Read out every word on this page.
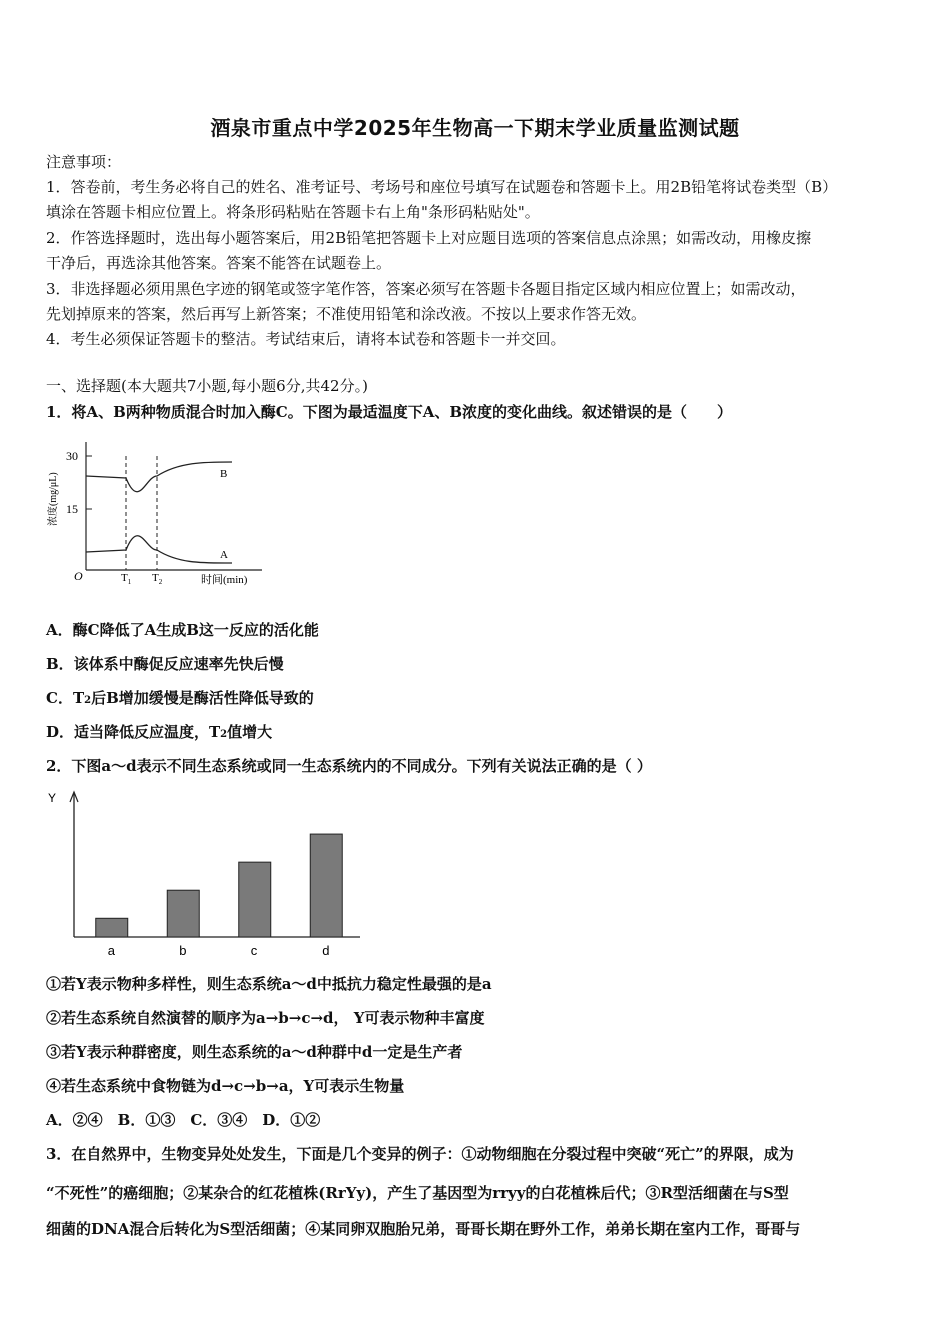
酒泉市重点中学2025年生物高一下期末学业质量监测试题
注意事项：
1．答卷前，考生务必将自己的姓名、准考证号、考场号和座位号填写在试题卷和答题卡上。用2B铅笔将试卷类型（B）
填涂在答题卡相应位置上。将条形码粘贴在答题卡右上角"条形码粘贴处"。
2．作答选择题时，选出每小题答案后，用2B铅笔把答题卡上对应题目选项的答案信息点涂黑；如需改动，用橡皮擦
干净后，再选涂其他答案。答案不能答在试题卷上。
3．非选择题必须用黑色字迹的钢笔或签字笔作答，答案必须写在答题卡各题目指定区域内相应位置上；如需改动，
先划掉原来的答案，然后再写上新答案；不准使用铅笔和涂改液。不按以上要求作答无效。
4．考生必须保证答题卡的整洁。考试结束后，请将本试卷和答题卡一并交回。
一、选择题(本大题共7小题,每小题6分,共42分。)
1．将A、B两种物质混合时加入酶C。下图为最适温度下A、B浓度的变化曲线。叙述错误的是（　　）
30
15
浓度(mg/μL)
O
B
A
$T_1$ $T_2$	时间(min)
A．酶C降低了A生成B这一反应的活化能
B．该体系中酶促反应速率先快后慢
C．T2后B增加缓慢是酶活性降低导致的
D．适当降低反应温度，T2值增大
2．下图a～d表示不同生态系统或同一生态系统内的不同成分。下列有关说法正确的是（ ）
Y
a	b	c	d
①若Y表示物种多样性，则生态系统a～d中抵抗力稳定性最强的是a
②若生态系统自然演替的顺序为a→b→c→d， Y可表示物种丰富度
③若Y表示种群密度，则生态系统的a～d种群中d一定是生产者
④若生态系统中食物链为d→c→b→a，Y可表示生物量
A．②④　B．①③　C．③④　D．①②
3．在自然界中，生物变异处处发生，下面是几个变异的例子：①动物细胞在分裂过程中突破“死亡”的界限，成为
“不死性”的癌细胞；②某杂合的红花植株(RrYy)，产生了基因型为rryy的白花植株后代；③R型活细菌在与S型
细菌的DNA混合后转化为S型活细菌；④某同卵双胞胎兄弟，哥哥长期在野外工作，弟弟长期在室内工作，哥哥与
